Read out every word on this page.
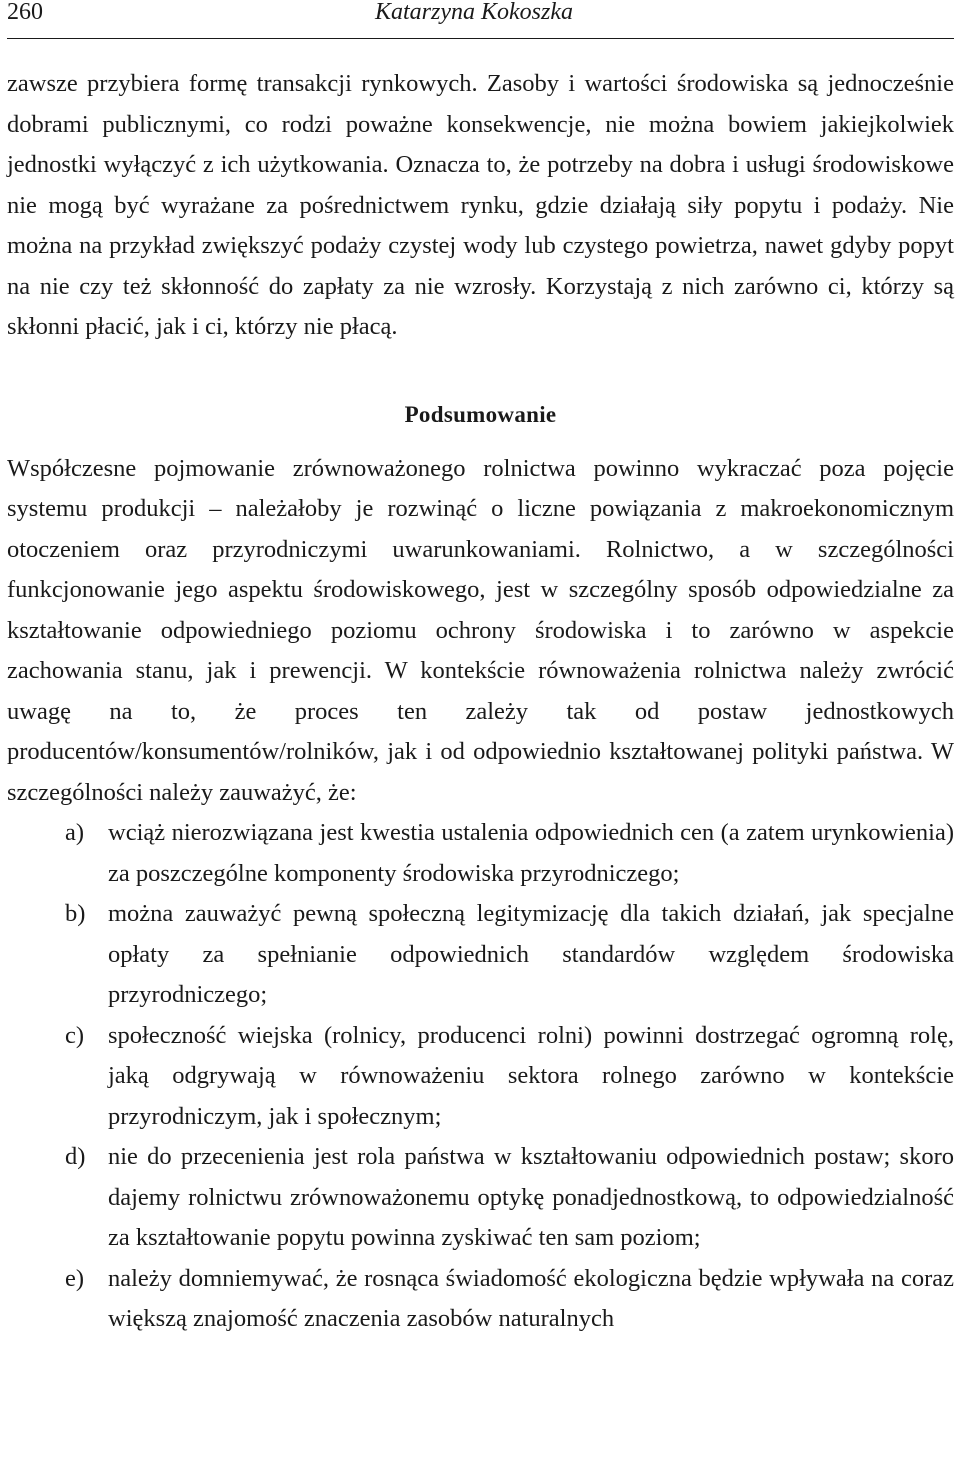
260	Katarzyna Kokoszka

zawsze przybiera formę transakcji rynkowych. Zasoby i wartości środowiska są jednocześnie dobrami publicznymi, co rodzi poważne konsekwencje, nie można bowiem jakiejkolwiek jednostki wyłączyć z ich użytkowania. Oznacza to, że potrzeby na dobra i usługi środowiskowe nie mogą być wyrażane za pośrednictwem rynku, gdzie działają siły popytu i podaży. Nie można na przykład zwiększyć podaży czystej wody lub czystego powietrza, nawet gdyby popyt na nie czy też skłonność do zapłaty za nie wzrosły. Korzystają z nich zarówno ci, którzy są skłonni płacić, jak i ci, którzy nie płacą.

Podsumowanie

Współczesne pojmowanie zrównoważonego rolnictwa powinno wykraczać poza pojęcie systemu produkcji – należałoby je rozwinąć o liczne powiązania z makroekonomicznym otoczeniem oraz przyrodniczymi uwarunkowaniami. Rolnictwo, a w szczególności funkcjonowanie jego aspektu środowiskowego, jest w szczególny sposób odpowiedzialne za kształtowanie odpowiedniego poziomu ochrony środowiska i to zarówno w aspekcie zachowania stanu, jak i prewencji. W kontekście równoważenia rolnictwa należy zwrócić uwagę na to, że proces ten zależy tak od postaw jednostkowych producentów/konsumentów/rolników, jak i od odpowiednio kształtowanej polityki państwa. W szczególności należy zauważyć, że:

a) wciąż nierozwiązana jest kwestia ustalenia odpowiednich cen (a zatem urynkowienia) za poszczególne komponenty środowiska przyrodniczego;
b) można zauważyć pewną społeczną legitymizację dla takich działań, jak specjalne opłaty za spełnianie odpowiednich standardów względem środowiska przyrodniczego;
c) społeczność wiejska (rolnicy, producenci rolni) powinni dostrzegać ogromną rolę, jaką odgrywają w równoważeniu sektora rolnego zarówno w kontekście przyrodniczym, jak i społecznym;
d) nie do przecenienia jest rola państwa w kształtowaniu odpowiednich postaw; skoro dajemy rolnictwu zrównoważonemu optykę ponadjednostkową, to odpowiedzialność za kształtowanie popytu powinna zyskiwać ten sam poziom;
e) należy domniemywać, że rosnąca świadomość ekologiczna będzie wpływała na coraz większą znajomość znaczenia zasobów naturalnych
